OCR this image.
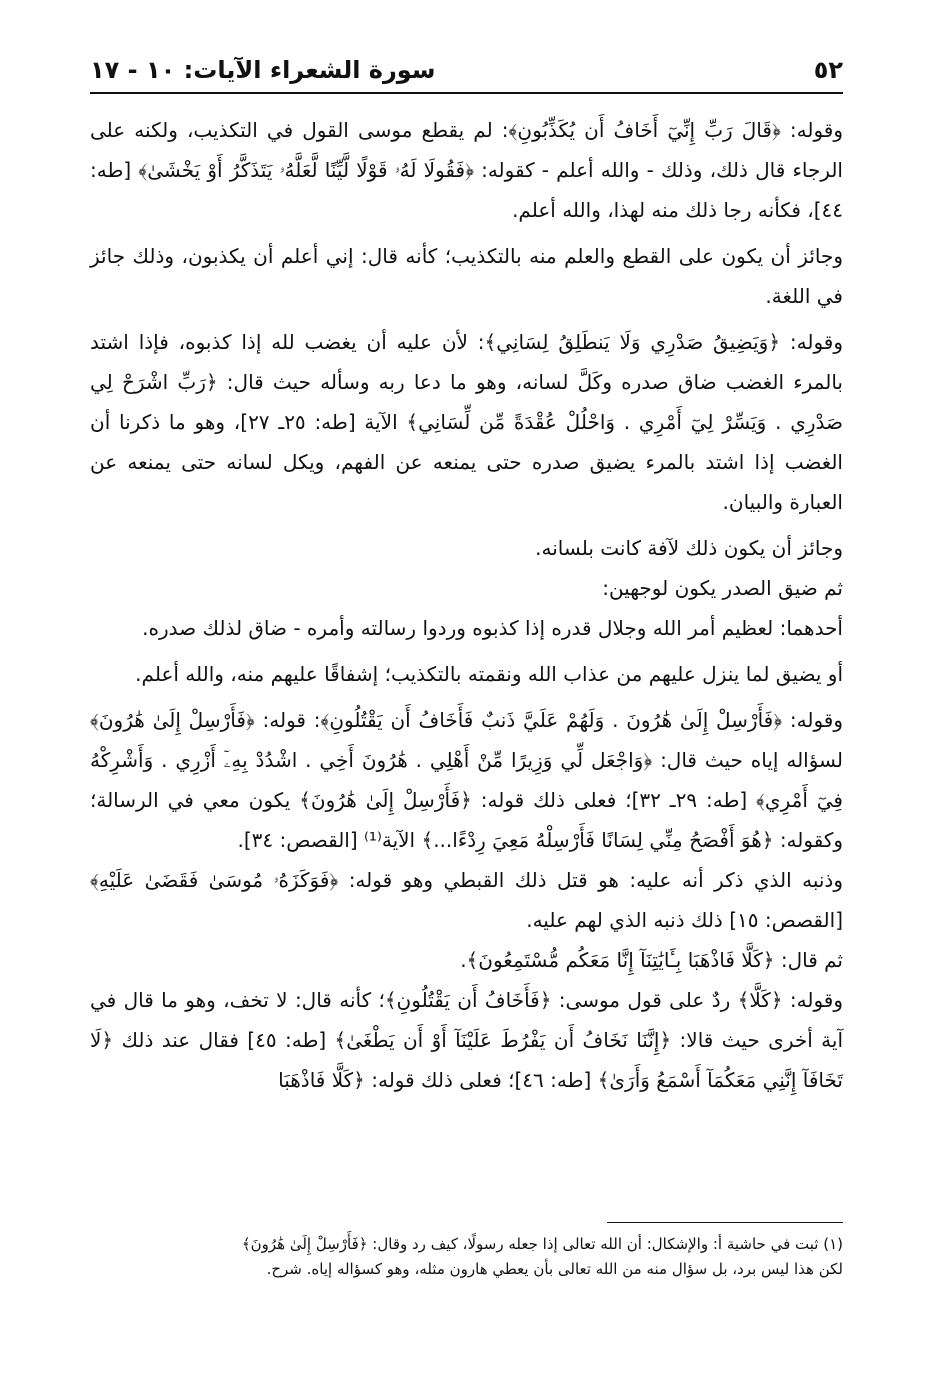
٥٢
سورة الشعراء الآيات: ١٠ - ١٧

وقوله: ﴿قَالَ رَبِّ إِنِّيٓ أَخَافُ أَن يُكَذِّبُونِ﴾: لم يقطع موسى القول في التكذيب، ولكنه على الرجاء قال ذلك، وذلك - والله أعلم - كقوله: ﴿فَقُولَا لَهُۥ قَوْلًا لَّيِّنًا لَّعَلَّهُۥ يَتَذَكَّرُ أَوْ يَخْشَىٰ﴾ [طه: ٤٤]، فكأنه رجا ذلك منه لهذا، والله أعلم.

وجائز أن يكون على القطع والعلم منه بالتكذيب؛ كأنه قال: إني أعلم أن يكذبون، وذلك جائز في اللغة.

وقوله: ﴿وَيَضِيقُ صَدْرِي وَلَا يَنطَلِقُ لِسَانِي﴾: لأن عليه أن يغضب لله إذا كذبوه، فإذا اشتد بالمرء الغضب ضاق صدره وكَلَّ لسانه، وهو ما دعا ربه وسأله حيث قال: ﴿رَبِّ اشْرَحْ لِي صَدْرِي . وَيَسِّرْ لِيٓ أَمْرِي . وَاحْلُلْ عُقْدَةً مِّن لِّسَانِي﴾ الآية [طه: ٢٥ـ ٢٧]، وهو ما ذكرنا أن الغضب إذا اشتد بالمرء يضيق صدره حتى يمنعه عن الفهم، ويكل لسانه حتى يمنعه عن العبارة والبيان.

وجائز أن يكون ذلك لآفة كانت بلسانه.

ثم ضيق الصدر يكون لوجهين:

أحدهما: لعظيم أمر الله وجلال قدره إذا كذبوه وردوا رسالته وأمره - ضاق لذلك صدره.

أو يضيق لما ينزل عليهم من عذاب الله ونقمته بالتكذيب؛ إشفاقًا عليهم منه، والله أعلم.

وقوله: ﴿فَأَرْسِلْ إِلَىٰ هَٰرُونَ . وَلَهُمْ عَلَيَّ ذَنبٌ فَأَخَافُ أَن يَقْتُلُونِ﴾: قوله: ﴿فَأَرْسِلْ إِلَىٰ هَٰرُونَ﴾ لسؤاله إياه حيث قال: ﴿وَاجْعَل لِّي وَزِيرًا مِّنْ أَهْلِي . هَٰرُونَ أَخِي . اشْدُدْ بِهِۦٓ أَزْرِي . وَأَشْرِكْهُ فِيٓ أَمْرِي﴾ [طه: ٢٩ـ ٣٢]؛ فعلى ذلك قوله: ﴿فَأَرْسِلْ إِلَىٰ هَٰرُونَ﴾ يكون معي في الرسالة؛ وكقوله: ﴿هُوَ أَفْصَحُ مِنِّي لِسَانًا فَأَرْسِلْهُ مَعِيَ رِدْءًا...﴾ الآية⁽¹⁾ [القصص: ٣٤].

وذنبه الذي ذكر أنه عليه: هو قتل ذلك القبطي وهو قوله: ﴿فَوَكَزَهُۥ مُوسَىٰ فَقَضَىٰ عَلَيْهِ﴾ [القصص: ١٥] ذلك ذنبه الذي لهم عليه.

ثم قال: ﴿كَلَّا فَاذْهَبَا بِـَٔايَٰتِنَآ إِنَّا مَعَكُم مُّسْتَمِعُونَ﴾.

وقوله: ﴿كَلَّا﴾ ردٌ على قول موسى: ﴿فَأَخَافُ أَن يَقْتُلُونِ﴾؛ كأنه قال: لا تخف، وهو ما قال في آية أخرى حيث قالا: ﴿إِنَّنَا نَخَافُ أَن يَفْرُطَ عَلَيْنَآ أَوْ أَن يَطْغَىٰ﴾ [طه: ٤٥] فقال عند ذلك ﴿لَا تَخَافَآ إِنَّنِي مَعَكُمَآ أَسْمَعُ وَأَرَىٰ﴾ [طه: ٤٦]؛ فعلى ذلك قوله: ﴿كَلَّا فَاذْهَبَا

(١) ثبت في حاشية أ: والإشكال: أن الله تعالى إذا جعله رسولًا، كيف رد وقال: ﴿فَأَرْسِلْ إِلَىٰ هَٰرُونَ﴾

لكن هذا ليس برد، بل سؤال منه من الله تعالى بأن يعطي هارون مثله، وهو كسؤاله إياه. شرح.
